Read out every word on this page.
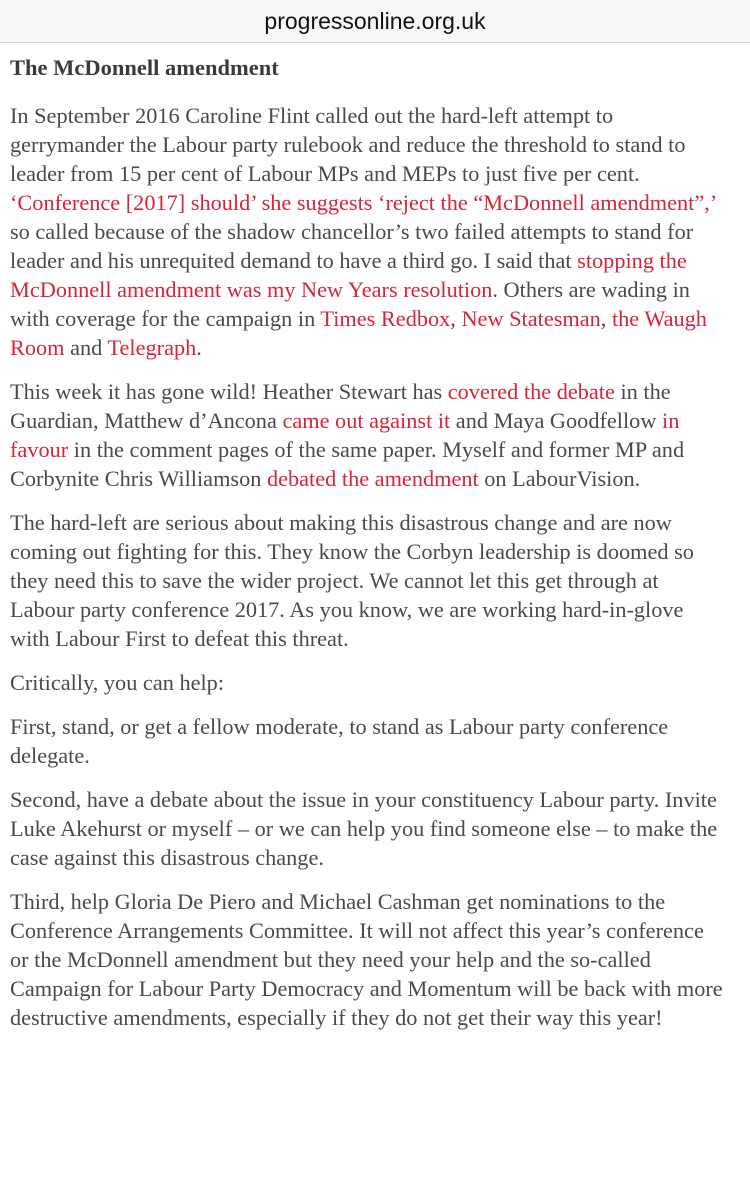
progressonline.org.uk
The McDonnell amendment

In September 2016 Caroline Flint called out the hard-left attempt to gerrymander the Labour party rulebook and reduce the threshold to stand to leader from 15 per cent of Labour MPs and MEPs to just five per cent. ‘Conference [2017] should’ she suggests ‘reject the “McDonnell amendment”,’ so called because of the shadow chancellor’s two failed attempts to stand for leader and his unrequited demand to have a third go. I said that stopping the McDonnell amendment was my New Years resolution. Others are wading in with coverage for the campaign in Times Redbox, New Statesman, the Waugh Room and Telegraph.

This week it has gone wild! Heather Stewart has covered the debate in the Guardian, Matthew d’Ancona came out against it and Maya Goodfellow in favour in the comment pages of the same paper. Myself and former MP and Corbynite Chris Williamson debated the amendment on LabourVision.

The hard-left are serious about making this disastrous change and are now coming out fighting for this. They know the Corbyn leadership is doomed so they need this to save the wider project. We cannot let this get through at Labour party conference 2017. As you know, we are working hard-in-glove with Labour First to defeat this threat.

Critically, you can help:

First, stand, or get a fellow moderate, to stand as Labour party conference delegate.

Second, have a debate about the issue in your constituency Labour party. Invite Luke Akehurst or myself – or we can help you find someone else – to make the case against this disastrous change.

Third, help Gloria De Piero and Michael Cashman get nominations to the Conference Arrangements Committee. It will not affect this year’s conference or the McDonnell amendment but they need your help and the so-called Campaign for Labour Party Democracy and Momentum will be back with more destructive amendments, especially if they do not get their way this year!
